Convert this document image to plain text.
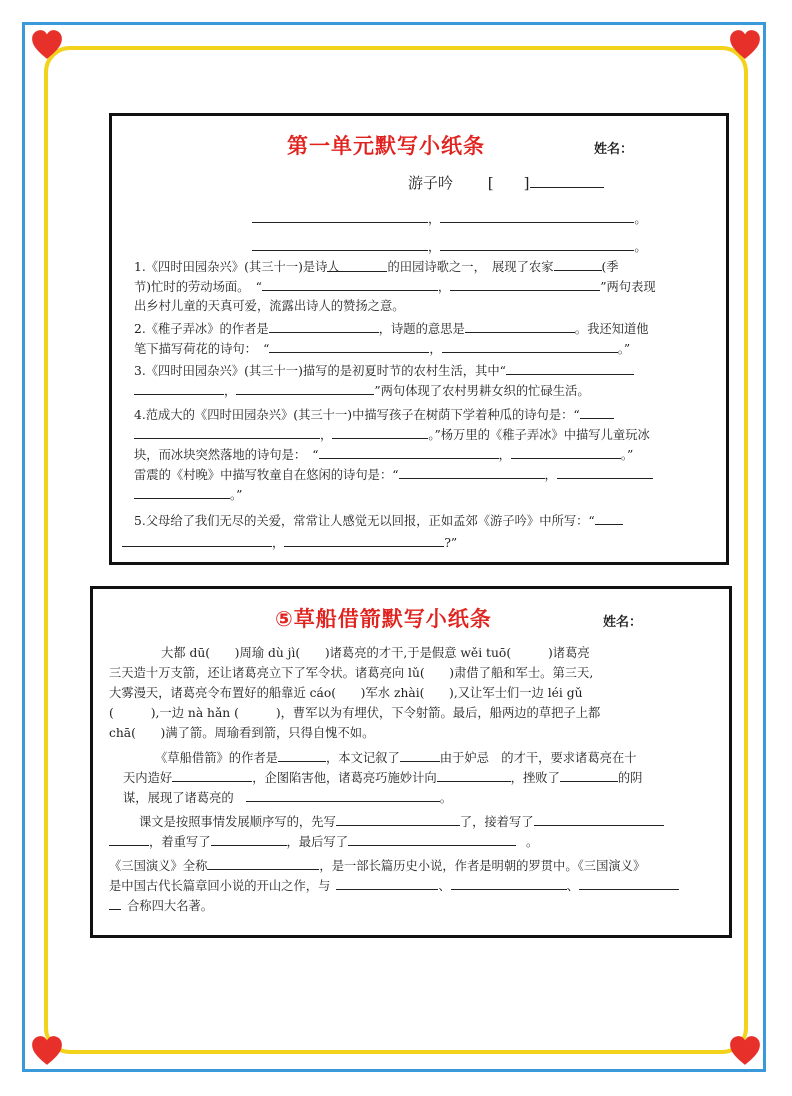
第一单元默写小纸条	姓名：
游子吟 [　　]
，	。
，	。
1.《四时田园杂兴》(其三十一)是诗人	的田园诗歌之一，　展现了农家	(季
节)忙时的劳动场面。　“	，	”两句表现
出乡村儿童的天真可爱，流露出诗人的赞扬之意。
2.《稚子弄冰》的作者是	，诗题的意思是	。我还知道他
笔下描写荷花的诗句：　“	，	。”
3.《四时田园杂兴》(其三十一)描写的是初夏时节的农村生活，其中“
，	”两句体现了农村男耕女织的忙碌生活。
4.范成大的《四时田园杂兴》(其三十一)中描写孩子在树荫下学着种瓜的诗句是：“
，	。”杨万里的《稚子弄冰》中描写儿童玩冰
块，而冰块突然落地的诗句是：　“	，	。”
雷震的《村晚》中描写牧童自在悠闲的诗句是：“	，
。”
5.父母给了我们无尽的关爱，常常让人感觉无以回报，正如孟郊《游子吟》中所写：“
，	?”
⑤草船借箭默写小纸条	姓名：
大都 dū(　　)周瑜 dù jì(　　)诸葛亮的才干,于是假意 wěi tuō(　　　)诸葛亮
三天造十万支箭，还让诸葛亮立下了军令状。诸葛亮向 lǔ(　　)肃借了船和军士。第三天,
大雾漫天，诸葛亮令布置好的船靠近 cáo(　　)军水 zhài(　　),又让军士们一边 léi gǔ
(　　　),一边 nà hǎn (　　　)，曹军以为有埋伏，下令射箭。最后，船两边的草把子上都
chā(　　)满了箭。周瑜看到箭，只得自愧不如。
《草船借箭》的作者是	，本文记叙了	由于妒忌　的才干，要求诸葛亮在十
天内造好	，企图陷害他，诸葛亮巧施妙计向	，挫败了	的阴
谋，展现了诸葛亮的	。
课文是按照事情发展顺序写的，先写	了，接着写了
，着重写了	，最后写了	。
《三国演义》全称	，是一部长篇历史小说，作者是明朝的罗贯中。《三国演义》
是中国古代长篇章回小说的开山之作，与	、	、
合称四大名著。
